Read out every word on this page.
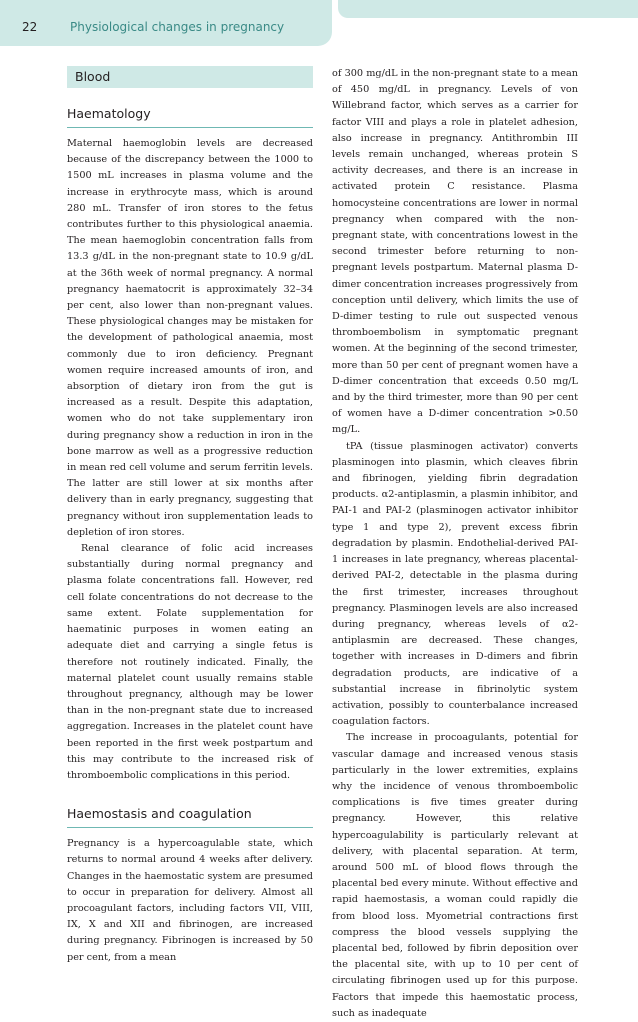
22	Physiological changes in pregnancy
Blood
Haematology

Maternal haemoglobin levels are decreased because of the discrepancy between the 1000 to 1500 mL increases in plasma volume and the increase in erythrocyte mass, which is around 280 mL. Transfer of iron stores to the fetus contributes further to this physiological anaemia. The mean haemoglobin concentration falls from 13.3 g/dL in the non-pregnant state to 10.9 g/dL at the 36th week of normal pregnancy. A normal pregnancy haematocrit is approximately 32–34 per cent, also lower than non-pregnant values. These physiological changes may be mistaken for the development of pathological anaemia, most commonly due to iron deficiency. Pregnant women require increased amounts of iron, and absorption of dietary iron from the gut is increased as a result. Despite this adaptation, women who do not take supplementary iron during pregnancy show a reduction in iron in the bone marrow as well as a progressive reduction in mean red cell volume and serum ferritin levels. The latter are still lower at six months after delivery than in early pregnancy, suggesting that pregnancy without iron supplementation leads to depletion of iron stores.

Renal clearance of folic acid increases substantially during normal pregnancy and plasma folate concentrations fall. However, red cell folate concentrations do not decrease to the same extent. Folate supplementation for haematinic purposes in women eating an adequate diet and carrying a single fetus is therefore not routinely indicated. Finally, the maternal platelet count usually remains stable throughout pregnancy, although may be lower than in the non-pregnant state due to increased aggregation. Increases in the platelet count have been reported in the first week postpartum and this may contribute to the increased risk of thromboembolic complications in this period.

Haemostasis and coagulation

Pregnancy is a hypercoagulable state, which returns to normal around 4 weeks after delivery. Changes in the haemostatic system are presumed to occur in preparation for delivery. Almost all procoagulant factors, including factors VII, VIII, IX, X and XII and fibrinogen, are increased during pregnancy. Fibrinogen is increased by 50 per cent, from a mean

of 300 mg/dL in the non-pregnant state to a mean of 450 mg/dL in pregnancy. Levels of von Willebrand factor, which serves as a carrier for factor VIII and plays a role in platelet adhesion, also increase in pregnancy. Antithrombin III levels remain unchanged, whereas protein S activity decreases, and there is an increase in activated protein C resistance. Plasma homocysteine concentrations are lower in normal pregnancy when compared with the non-pregnant state, with concentrations lowest in the second trimester before returning to non-pregnant levels postpartum. Maternal plasma D-dimer concentration increases progressively from conception until delivery, which limits the use of D-dimer testing to rule out suspected venous thromboembolism in symptomatic pregnant women. At the beginning of the second trimester, more than 50 per cent of pregnant women have a D-dimer concentration that exceeds 0.50 mg/L and by the third trimester, more than 90 per cent of women have a D-dimer concentration >0.50 mg/L.

tPA (tissue plasminogen activator) converts plasminogen into plasmin, which cleaves fibrin and fibrinogen, yielding fibrin degradation products. α2-antiplasmin, a plasmin inhibitor, and PAI-1 and PAI-2 (plasminogen activator inhibitor type 1 and type 2), prevent excess fibrin degradation by plasmin. Endothelial-derived PAI-1 increases in late pregnancy, whereas placental-derived PAI-2, detectable in the plasma during the first trimester, increases throughout pregnancy. Plasminogen levels are also increased during pregnancy, whereas levels of α2-antiplasmin are decreased. These changes, together with increases in D-dimers and fibrin degradation products, are indicative of a substantial increase in fibrinolytic system activation, possibly to counterbalance increased coagulation factors.

The increase in procoagulants, potential for vascular damage and increased venous stasis particularly in the lower extremities, explains why the incidence of venous thromboembolic complications is five times greater during pregnancy. However, this relative hypercoagulability is particularly relevant at delivery, with placental separation. At term, around 500 mL of blood flows through the placental bed every minute. Without effective and rapid haemostasis, a woman could rapidly die from blood loss. Myometrial contractions first compress the blood vessels supplying the placental bed, followed by fibrin deposition over the placental site, with up to 10 per cent of circulating fibrinogen used up for this purpose. Factors that impede this haemostatic process, such as inadequate
